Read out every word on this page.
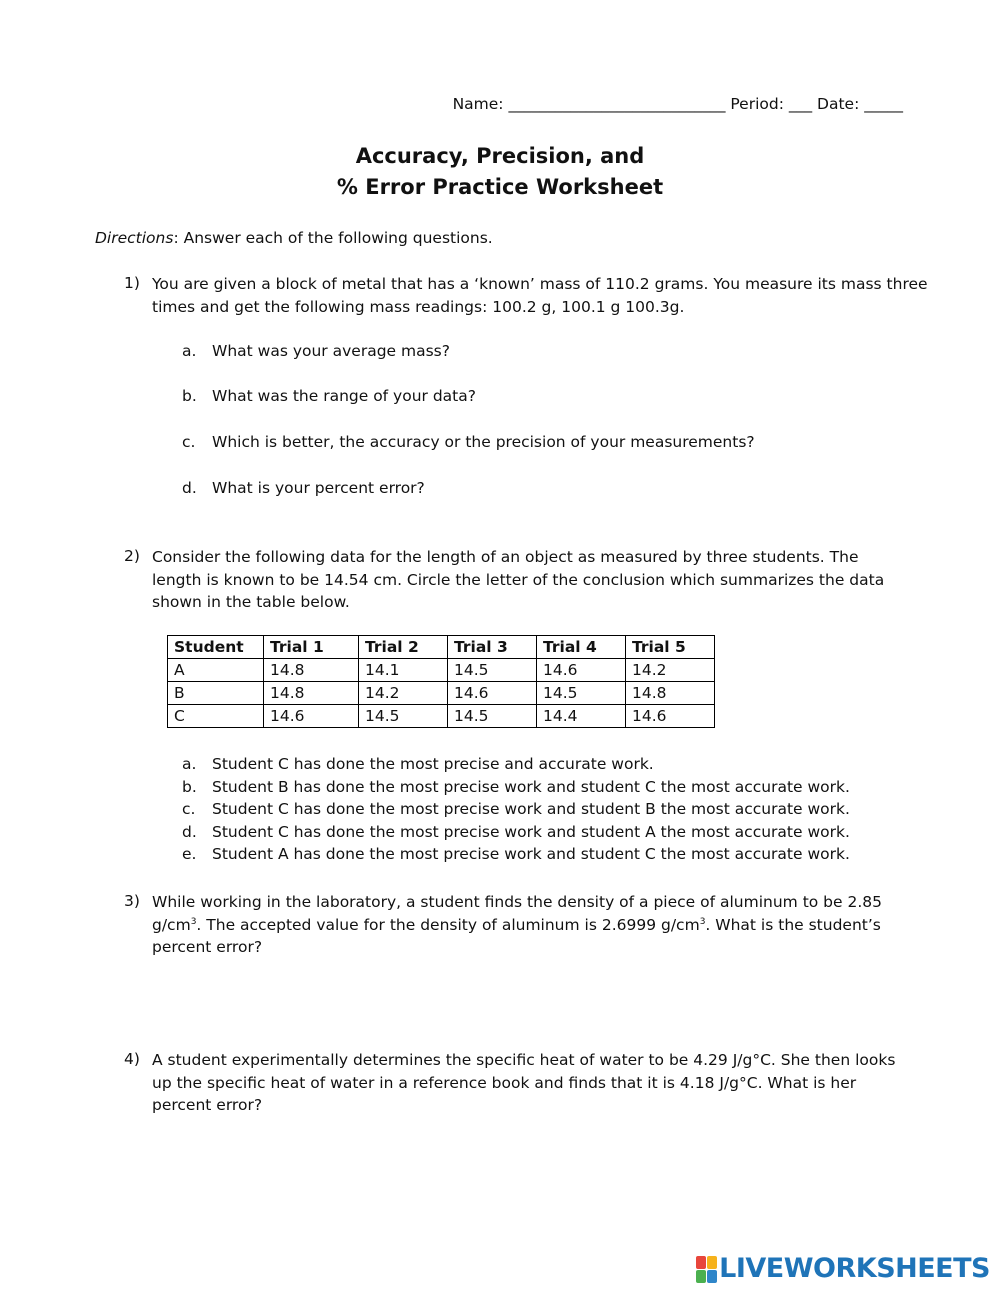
Name: ____________________________ Period: ___ Date: _____
Accuracy, Precision, and
% Error Practice Worksheet
Directions: Answer each of the following questions.
1) You are given a block of metal that has a ‘known’ mass of 110.2 grams. You measure its mass three
times and get the following mass readings: 100.2 g, 100.1 g 100.3g.
a. What was your average mass?
b. What was the range of your data?
c. Which is better, the accuracy or the precision of your measurements?
d. What is your percent error?
2) Consider the following data for the length of an object as measured by three students. The
length is known to be 14.54 cm. Circle the letter of the conclusion which summarizes the data
shown in the table below.
Student	Trial 1	Trial 2	Trial 3	Trial 4	Trial 5
A	14.8	14.1	14.5	14.6	14.2
B	14.8	14.2	14.6	14.5	14.8
C	14.6	14.5	14.5	14.4	14.6
a. Student C has done the most precise and accurate work.
b. Student B has done the most precise work and student C the most accurate work.
c. Student C has done the most precise work and student B the most accurate work.
d. Student C has done the most precise work and student A the most accurate work.
e. Student A has done the most precise work and student C the most accurate work.
3) While working in the laboratory, a student finds the density of a piece of aluminum to be 2.85
$g/cm^3$. The accepted value for the density of aluminum is 2.6999 $g/cm^3$. What is the student’s
percent error?
4) A student experimentally determines the specific heat of water to be 4.29 J/g°C. She then looks
up the specific heat of water in a reference book and finds that it is 4.18 J/g°C. What is her
percent error?
LIVEWORKSHEETS
